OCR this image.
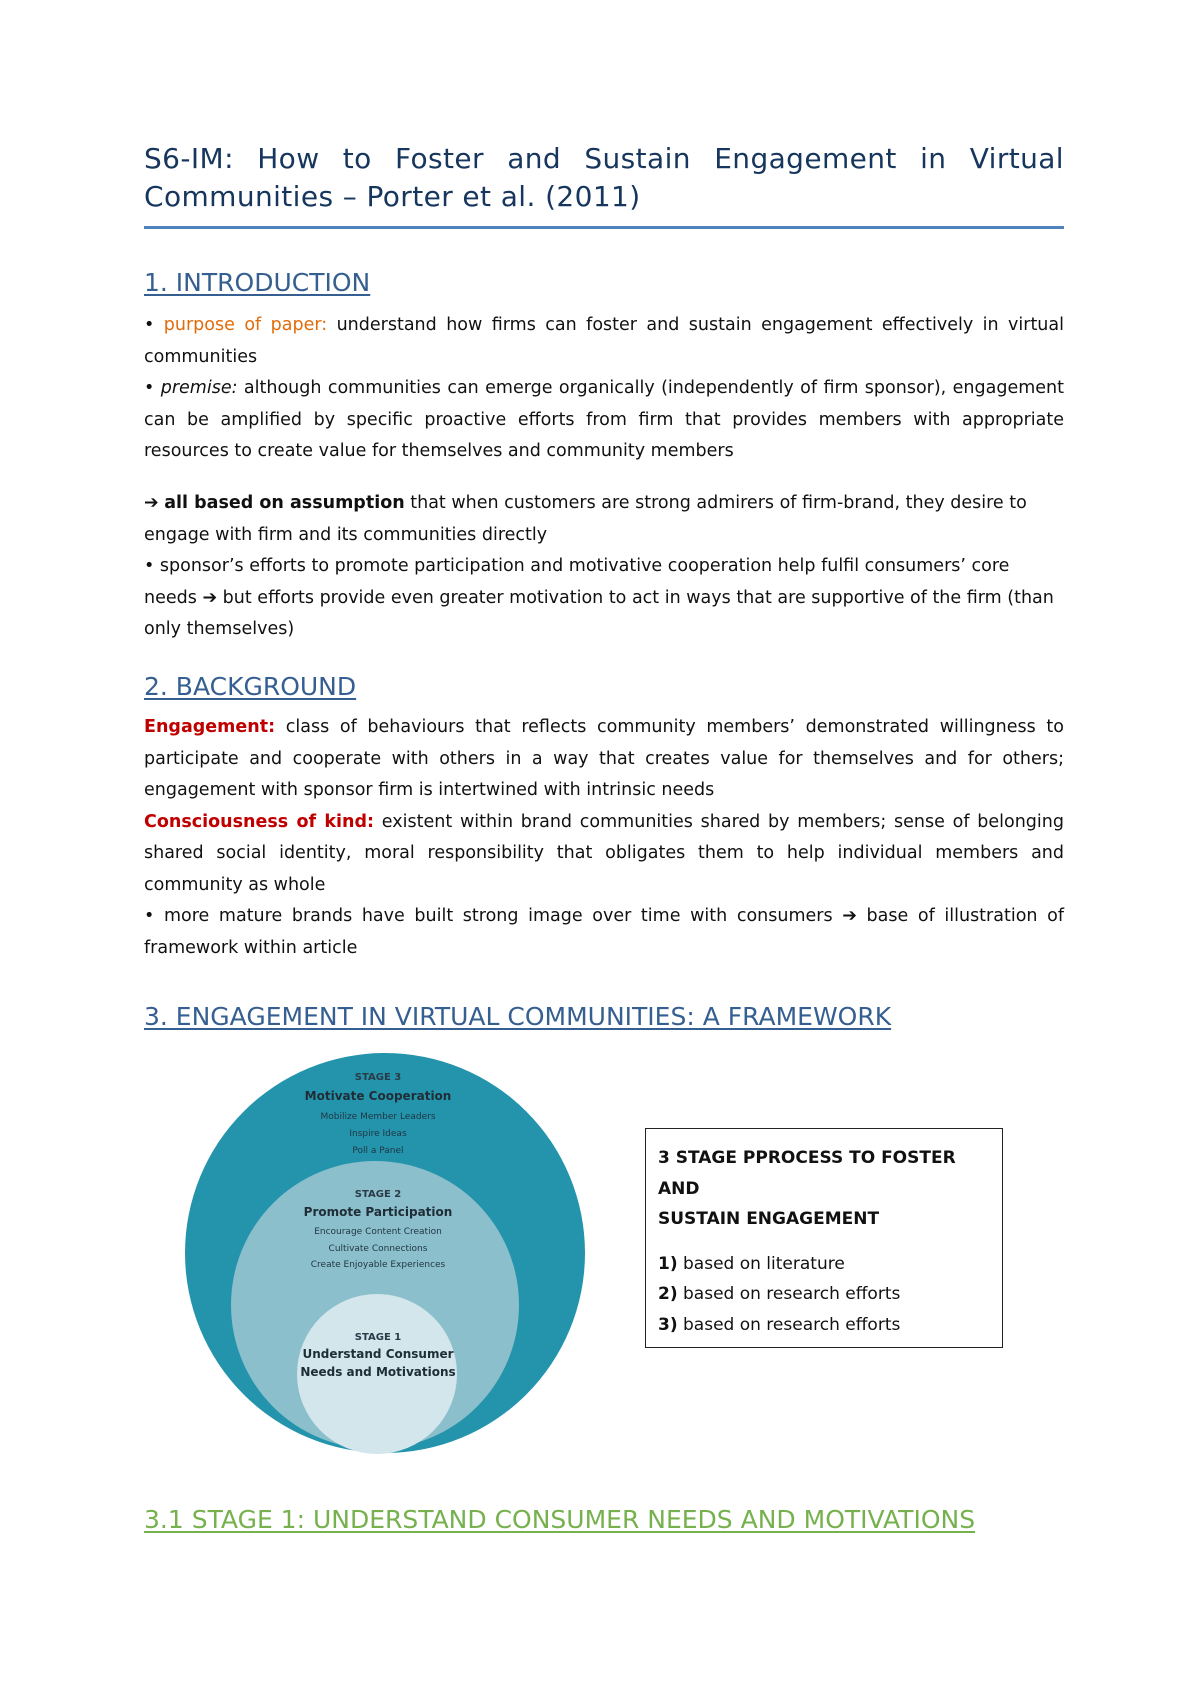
S6-IM: How to Foster and Sustain Engagement in Virtual Communities – Porter et al. (2011)
1. INTRODUCTION

• purpose of paper: understand how firms can foster and sustain engagement effectively in virtual communities

• premise: although communities can emerge organically (independently of firm sponsor), engagement can be amplified by specific proactive efforts from firm that provides members with appropriate resources to create value for themselves and community members

➔ all based on assumption that when customers are strong admirers of firm-brand, they desire to engage with firm and its communities directly

• sponsor’s efforts to promote participation and motivative cooperation help fulfil consumers’ core needs ➔ but efforts provide even greater motivation to act in ways that are supportive of the firm (than only themselves)

2. BACKGROUND

Engagement: class of behaviours that reflects community members’ demonstrated willingness to participate and cooperate with others in a way that creates value for themselves and for others; engagement with sponsor firm is intertwined with intrinsic needs

Consciousness of kind: existent within brand communities shared by members; sense of belonging shared social identity, moral responsibility that obligates them to help individual members and community as whole

• more mature brands have built strong image over time with consumers ➔ base of illustration of framework within article

3. ENGAGEMENT IN VIRTUAL COMMUNITIES: A FRAMEWORK
STAGE 3
Motivate Cooperation
Mobilize Member Leaders
Inspire Ideas
Poll a Panel
STAGE 2
Promote Participation
Encourage Content Creation
Cultivate Connections
Create Enjoyable Experiences
STAGE 1
Understand Consumer
Needs and Motivations

3 STAGE PPROCESS TO FOSTER AND

SUSTAIN ENGAGEMENT

1) based on literature

2) based on research efforts

3) based on research efforts

3.1 STAGE 1: UNDERSTAND CONSUMER NEEDS AND MOTIVATIONS
